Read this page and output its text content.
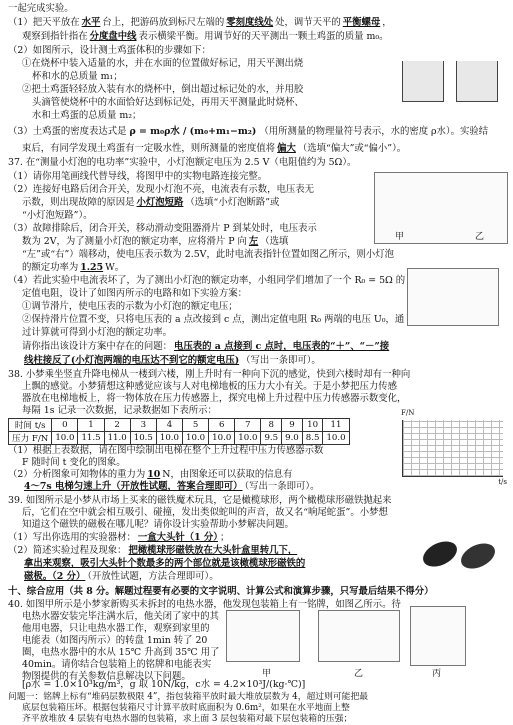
甲	乙
一起完成实验。
（1）把天平放在 水平 台上，把游码放到标尺左端的 零刻度线处 处，调节天平的 平衡螺母 ，
观察到指针指在 分度盘中线 表示横梁平衡。用调节好的天平测出一颗土鸡蛋的质量 m₀。
（2）如图所示，设计测土鸡蛋体积的步骤如下：
①在烧杯中装入适量的水，并在水面的位置做好标记，用天平测出烧
杯和水的总质量 m₁；
②把土鸡蛋轻轻放入装有水的烧杯中，倒出超过标记处的水，并用胶
头滴管使烧杯中的水面恰好达到标记处，再用天平测量此时烧杯、
水和土鸡蛋的总质量 m₂；
（3）土鸡蛋的密度表达式是 ρ = m₀ρ水 / (m₀+m₁−m₂) （用所测量的物理量符号表示，水的密度 ρ水）。实验结
束后，有同学发现土鸡蛋有一定吸水性，则所测量的密度值将 偏大 （选填“偏大”或“偏小”）。
37. 在“测量小灯泡的电功率”实验中，小灯泡额定电压为 2.5 V（电阻值约为 5Ω）。
（1）请你用笔画线代替导线，将图甲中的实物电路连接完整。
（2）连接好电路后闭合开关，发现小灯泡不亮，电流表有示数，电压表无
示数，则出现故障的原因是 小灯泡短路 （选填“小灯泡断路”或
“小灯泡短路”）。
（3）故障排除后，闭合开关，移动滑动变阻器滑片 P 到某处时，电压表示
数为 2V，为了测量小灯泡的额定功率，应将滑片 P 向 左 （选填
“左”或“右”）端移动，使电压表示数为 2.5V，此时电流表指针位置如图乙所示，则小灯泡
的额定功率为 1.25 W。
（4）若此实验中电流表坏了，为了测出小灯泡的额定功率，小组同学们增加了一个 R₀ = 5Ω 的
定值电阻，设计了如图丙所示的电路和如下实验方案：
①调节滑片，使电压表的示数为小灯泡的额定电压；
②保持滑片位置不变，只将电压表的 a 点改接到 c 点，测出定值电阻 R₀ 两端的电压 U₀，通
过计算就可得到小灯泡的额定功率。
请你指出该设计方案中存在的问题： 电压表的 a 点接到 c 点时，电压表的“＋”、“－”接
线柱接反了(小灯泡两端的电压达不到它的额定电压) （写出一条即可）。
38. 小梦乘坐竖直升降电梯从一楼到六楼，刚上升时有一种向下沉的感觉，快到六楼时却有一种向
上飘的感觉。小梦猜想这种感觉应该与人对电梯地板的压力大小有关。于是小梦把压力传感
器放在电梯地板上，将一物体放在压力传感器上，探究电梯上升过程中压力传感器示数变化，
每隔 1s 记录一次数据，记录数据如下表所示：
时间 t/s	0	1	2	3	4	5	6	7	8	9	10	11
压力 F/N	10.0	11.5	11.0	10.5	10.0	10.0	10.0	10.0	9.5	9.0	8.5	10.0
F/N
t/s
（1）根据上表数据，请在图中绘制出电梯在整个上升过程中压力传感器示数
F 随时间 t 变化的图象。
（2）分析图象可知物体的重力为 10 N，由图象还可以获取的信息有
4～7s 电梯匀速上升（开放性试题，答案合理即可） （写出一条即可）。
39. 如图所示是小梦从市场上买来的磁铁魔术玩具，它是橄榄球形，两个橄榄球形磁铁抛起来
后，它们在空中就会相互吸引、碰撞，发出类似蛇叫的声音，故又名“响尾蛇蛋”。小梦想
知道这个磁铁的磁极在哪儿呢？请你设计实验帮助小梦解决问题。
（1）写出你选用的实验器材： 一盒大头针（1 分） ；
（2）简述实验过程及现象： 把橄榄球形磁铁放在大头针盒里转几下，
拿出来观察，吸引大头针个数最多的两个部位就是该橄榄球形磁铁的
磁极。（2 分） （开放性试题，方法合理即可）。
十、综合应用（共 8 分。解题过程要有必要的文字说明、计算公式和演算步骤，只写最后结果不得分）
40. 如图甲所示是小梦家新购买未拆封的电热水器，他发现包装箱上有一铭牌，如图乙所示。待
电热水器安装完毕注满水后，他关闭了家中的其
他用电器，只让电热水器工作，观察到家里的
电能表（如图丙所示）的转盘 1min 转了 20
圈，电热水器中的水从 15℃ 升高到 35℃ 用了
40min。请你结合包装箱上的铭牌和电能表实
物图提供的有关参数信息解决以下问题。	甲	乙	丙
[ρ水 = 1.0×10³kg/m³，g 取 10N/kg，c水 = 4.2×10³J/(kg·℃)]
问题一：铭牌上标有“堆码层数极限 4”，指包装箱平放时最大堆放层数为 4，超过则可能把最
底层包装箱压坏。根据包装箱尺寸计算平放时底面积为 0.6m²，如果在水平地面上整
齐平放堆放 4 层装有电热水器的包装箱，求上面 3 层包装箱对最下层包装箱的压强；
